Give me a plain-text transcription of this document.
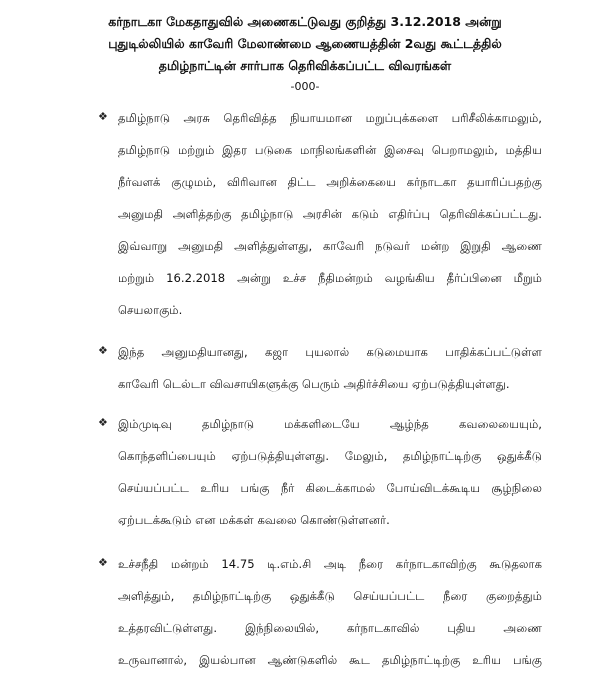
கர்நாடகா மேகதாதுவில் அணைகட்டுவது குறித்து 3.12.2018 அன்று
புதுடில்லியில் காவேரி மேலாண்மை ஆணையத்தின் 2வது கூட்டத்தில்
தமிழ்நாட்டின் சார்பாக தெரிவிக்கப்பட்ட விவரங்கள்
-000-
❖ தமிழ்நாடு அரசு தெரிவித்த நியாயமான மறுப்புக்களை பரிசீலிக்காமலும்,
தமிழ்நாடு மற்றும் இதர படுகை மாநிலங்களின் இசைவு பெறாமலும், மத்திய
நீர்வளக் குழுமம், விரிவான திட்ட அறிக்கையை கர்நாடகா தயாரிப்பதற்கு
அனுமதி அளித்தற்கு தமிழ்நாடு அரசின் கடும் எதிர்ப்பு தெரிவிக்கப்பட்டது.
இவ்வாறு அனுமதி அளித்துள்ளது, காவேரி நடுவர் மன்ற இறுதி ஆணை
மற்றும் 16.2.2018 அன்று உச்ச நீதிமன்றம் வழங்கிய தீர்ப்பினை மீறும்
செயலாகும்.
❖ இந்த அனுமதியானது, கஜா புயலால் கடுமையாக பாதிக்கப்பட்டுள்ள
காவேரி டெல்டா விவசாயிகளுக்கு பெரும் அதிர்ச்சியை ஏற்படுத்தியுள்ளது.
❖ இம்முடிவு தமிழ்நாடு மக்களிடையே ஆழ்ந்த கவலையையும்,
கொந்தளிப்பையும் ஏற்படுத்தியுள்ளது. மேலும், தமிழ்நாட்டிற்கு ஒதுக்கீடு
செய்யப்பட்ட உரிய பங்கு நீர் கிடைக்காமல் போய்விடக்கூடிய சூழ்நிலை
ஏற்படக்கூடும் என மக்கள் கவலை கொண்டுள்ளனர்.
❖ உச்சநீதி மன்றம் 14.75 டி.எம்.சி அடி நீரை கர்நாடகாவிற்கு கூடுதலாக
அளித்தும், தமிழ்நாட்டிற்கு ஒதுக்கீடு செய்யப்பட்ட நீரை குறைத்தும்
உத்தரவிட்டுள்ளது. இந்நிலையில், கர்நாடகாவில் புதிய அணை
உருவானால், இயல்பான ஆண்டுகளில் கூட தமிழ்நாட்டிற்கு உரிய பங்கு
